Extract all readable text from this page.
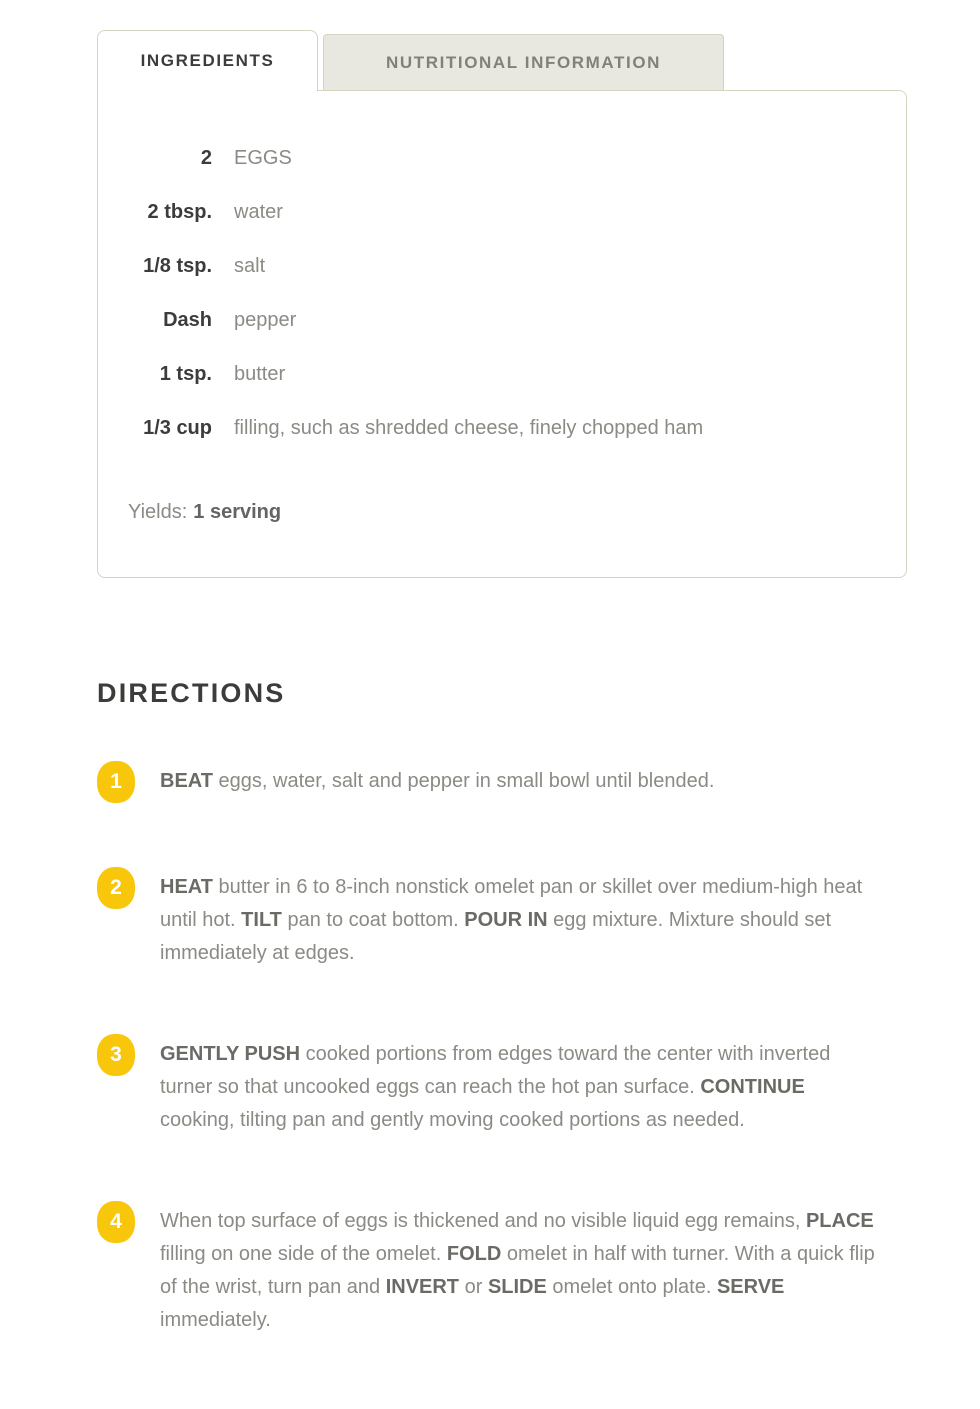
INGREDIENTS	NUTRITIONAL INFORMATION
2 EGGS
2 tbsp. water
1/8 tsp. salt
Dash pepper
1 tsp. butter
1/3 cup filling, such as shredded cheese, finely chopped ham
Yields: 1 serving
DIRECTIONS
1	BEAT eggs, water, salt and pepper in small bowl until blended.

2	HEAT butter in 6 to 8-inch nonstick omelet pan or skillet over medium-high heat until hot. TILT pan to coat bottom. POUR IN egg mixture. Mixture should set immediately at edges.

3	GENTLY PUSH cooked portions from edges toward the center with inverted turner so that uncooked eggs can reach the hot pan surface. CONTINUE cooking, tilting pan and gently moving cooked portions as needed.

4	When top surface of eggs is thickened and no visible liquid egg remains, PLACE filling on one side of the omelet. FOLD omelet in half with turner. With a quick flip of the wrist, turn pan and INVERT or SLIDE omelet onto plate. SERVE immediately.
